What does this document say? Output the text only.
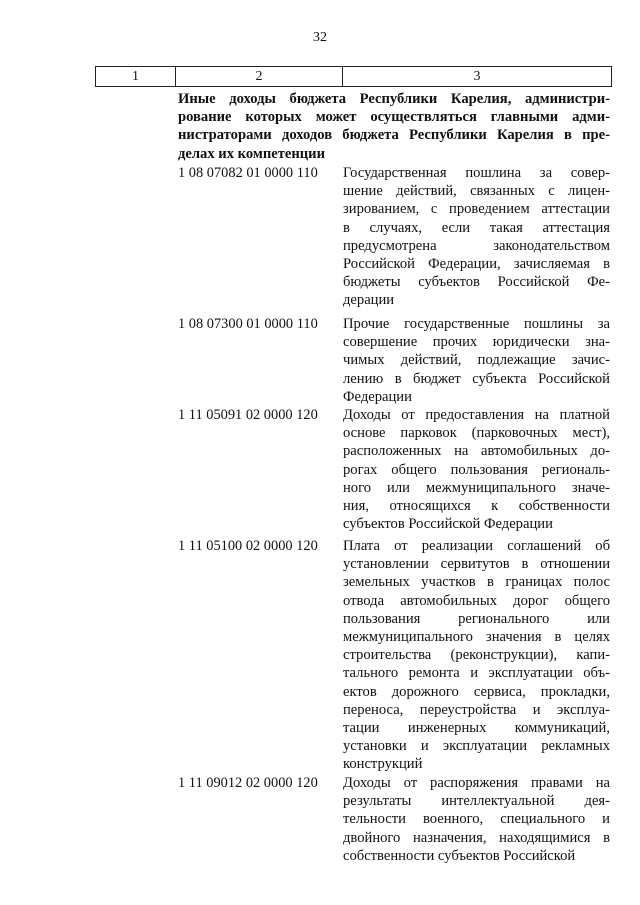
32
1	2	3
Иные доходы бюджета Республики Карелия, администри-
рование которых может осуществляться главными адми-
нистраторами доходов бюджета Республики Карелия в пре-
делах их компетенции
1 08 07082 01 0000 110	Государственная пошлина за совер-
шение действий, связанных с лицен-
зированием, с проведением аттестации
в случаях, если такая аттестация
предусмотрена законодательством
Российской Федерации, зачисляемая в
бюджеты субъектов Российской Фе-
дерации
1 08 07300 01 0000 110	Прочие государственные пошлины за
совершение прочих юридически зна-
чимых действий, подлежащие зачис-
лению в бюджет субъекта Российской
Федерации
1 11 05091 02 0000 120	Доходы от предоставления на платной
основе парковок (парковочных мест),
расположенных на автомобильных до-
рогах общего пользования региональ-
ного или межмуниципального значе-
ния, относящихся к собственности
субъектов Российской Федерации
1 11 05100 02 0000 120	Плата от реализации соглашений об
установлении сервитутов в отношении
земельных участков в границах полос
отвода автомобильных дорог общего
пользования регионального или
межмуниципального значения в целях
строительства (реконструкции), капи-
тального ремонта и эксплуатации объ-
ектов дорожного сервиса, прокладки,
переноса, переустройства и эксплуа-
тации инженерных коммуникаций,
установки и эксплуатации рекламных
конструкций
1 11 09012 02 0000 120	Доходы от распоряжения правами на
результаты интеллектуальной дея-
тельности военного, специального и
двойного назначения, находящимися в
собственности субъектов Российской
